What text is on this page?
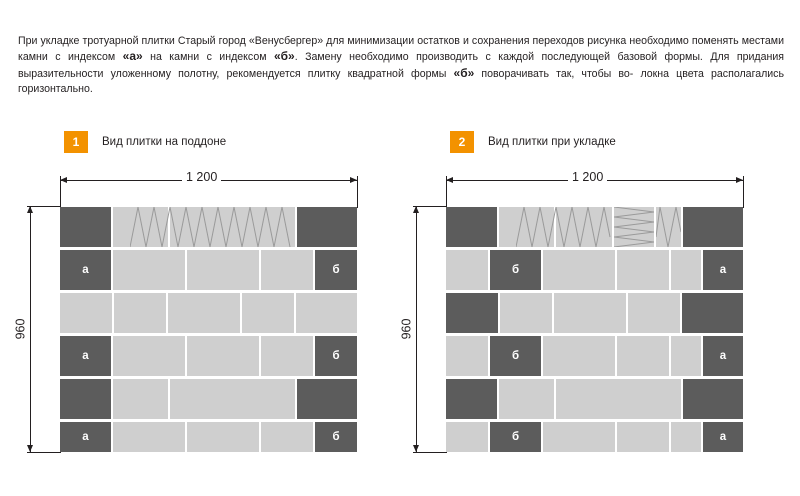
При укладке тротуарной плитки Старый город «Венусбергер» для минимизации остатков и сохранения переходов рисунка необходимо поменять местами камни с индексом «а» на камни с индексом «б». Замену необходимо производить с каждой последующей базовой формы. Для придания выразительности уложенному полотну, рекомендуется плитку квадратной формы «б» поворачивать так, чтобы во- локна цвета располагались горизонтально.
1	Вид плитки на поддоне	2	Вид плитки при укладке
1 200
960
а	б
а	б
а	б
1 200
960
б	а
б	а
б	а
